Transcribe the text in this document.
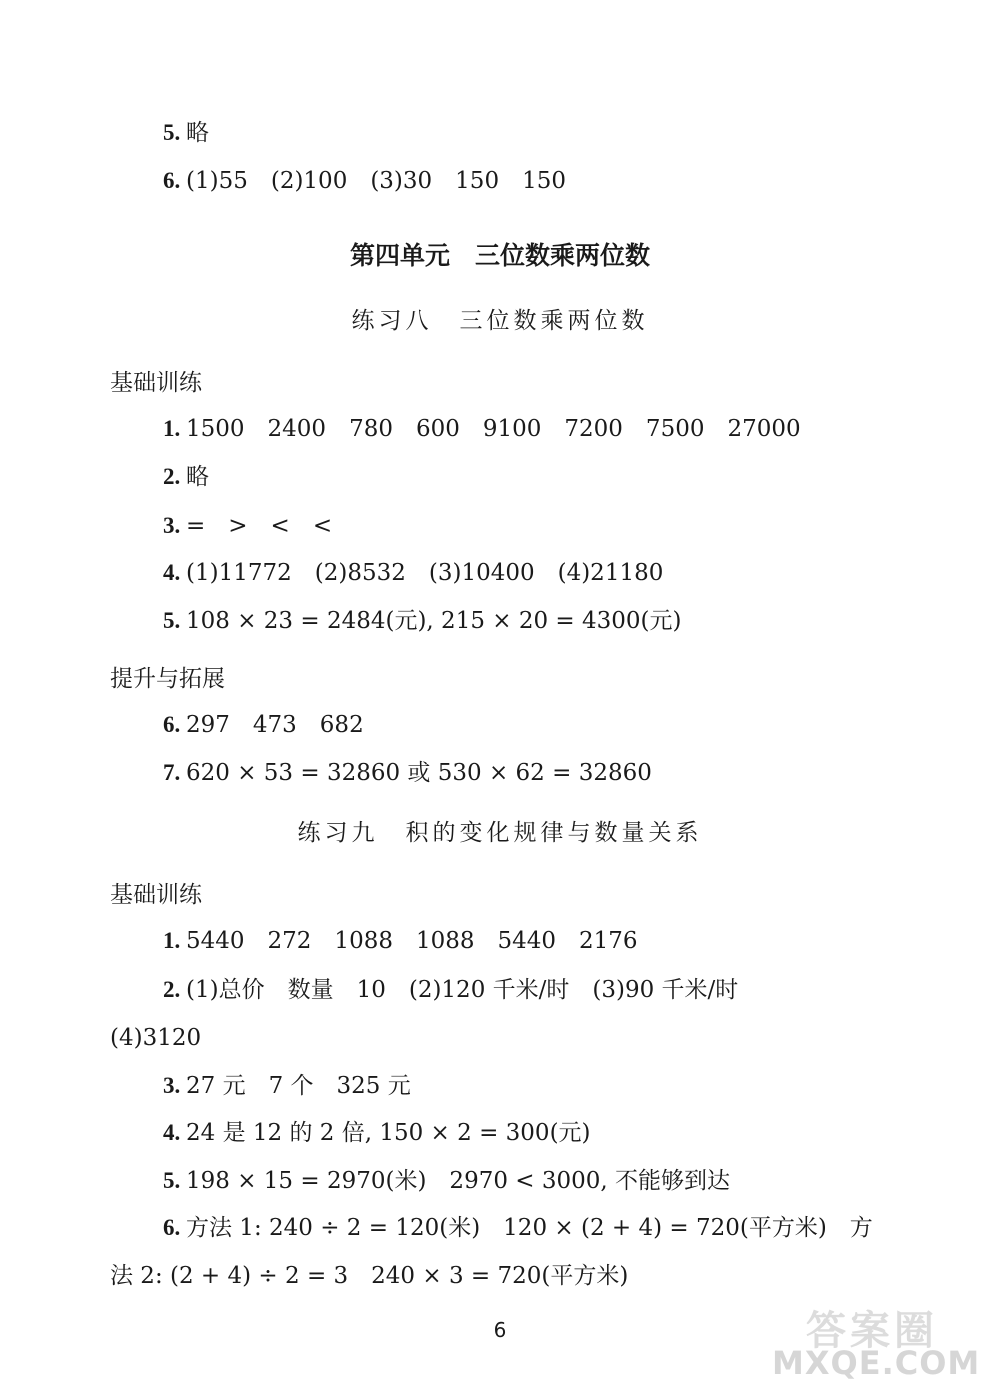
5. 略
6. (1)55　(2)100　(3)30　150　150
第四单元　三位数乘两位数
练习八　三位数乘两位数
基础训练
1. 1500　2400　780　600　9100　7200　7500　27000
2. 略
3. =　>　<　<
4. (1)11772　(2)8532　(3)10400　(4)21180
5. 108 × 23 = 2484(元), 215 × 20 = 4300(元)
提升与拓展
6. 297　473　682
7. 620 × 53 = 32860 或 530 × 62 = 32860
练习九　积的变化规律与数量关系
基础训练
1. 5440　272　1088　1088　5440　2176
2. (1)总价　数量　10　(2)120 千米/时　(3)90 千米/时
(4)3120
3. 27 元　7 个　325 元
4. 24 是 12 的 2 倍, 150 × 2 = 300(元)
5. 198 × 15 = 2970(米)　2970 < 3000, 不能够到达
6. 方法 1: 240 ÷ 2 = 120(米)　120 × (2 + 4) = 720(平方米)　方
法 2: (2 + 4) ÷ 2 = 3　240 × 3 = 720(平方米)
6	答案圈
MXQE.COM
